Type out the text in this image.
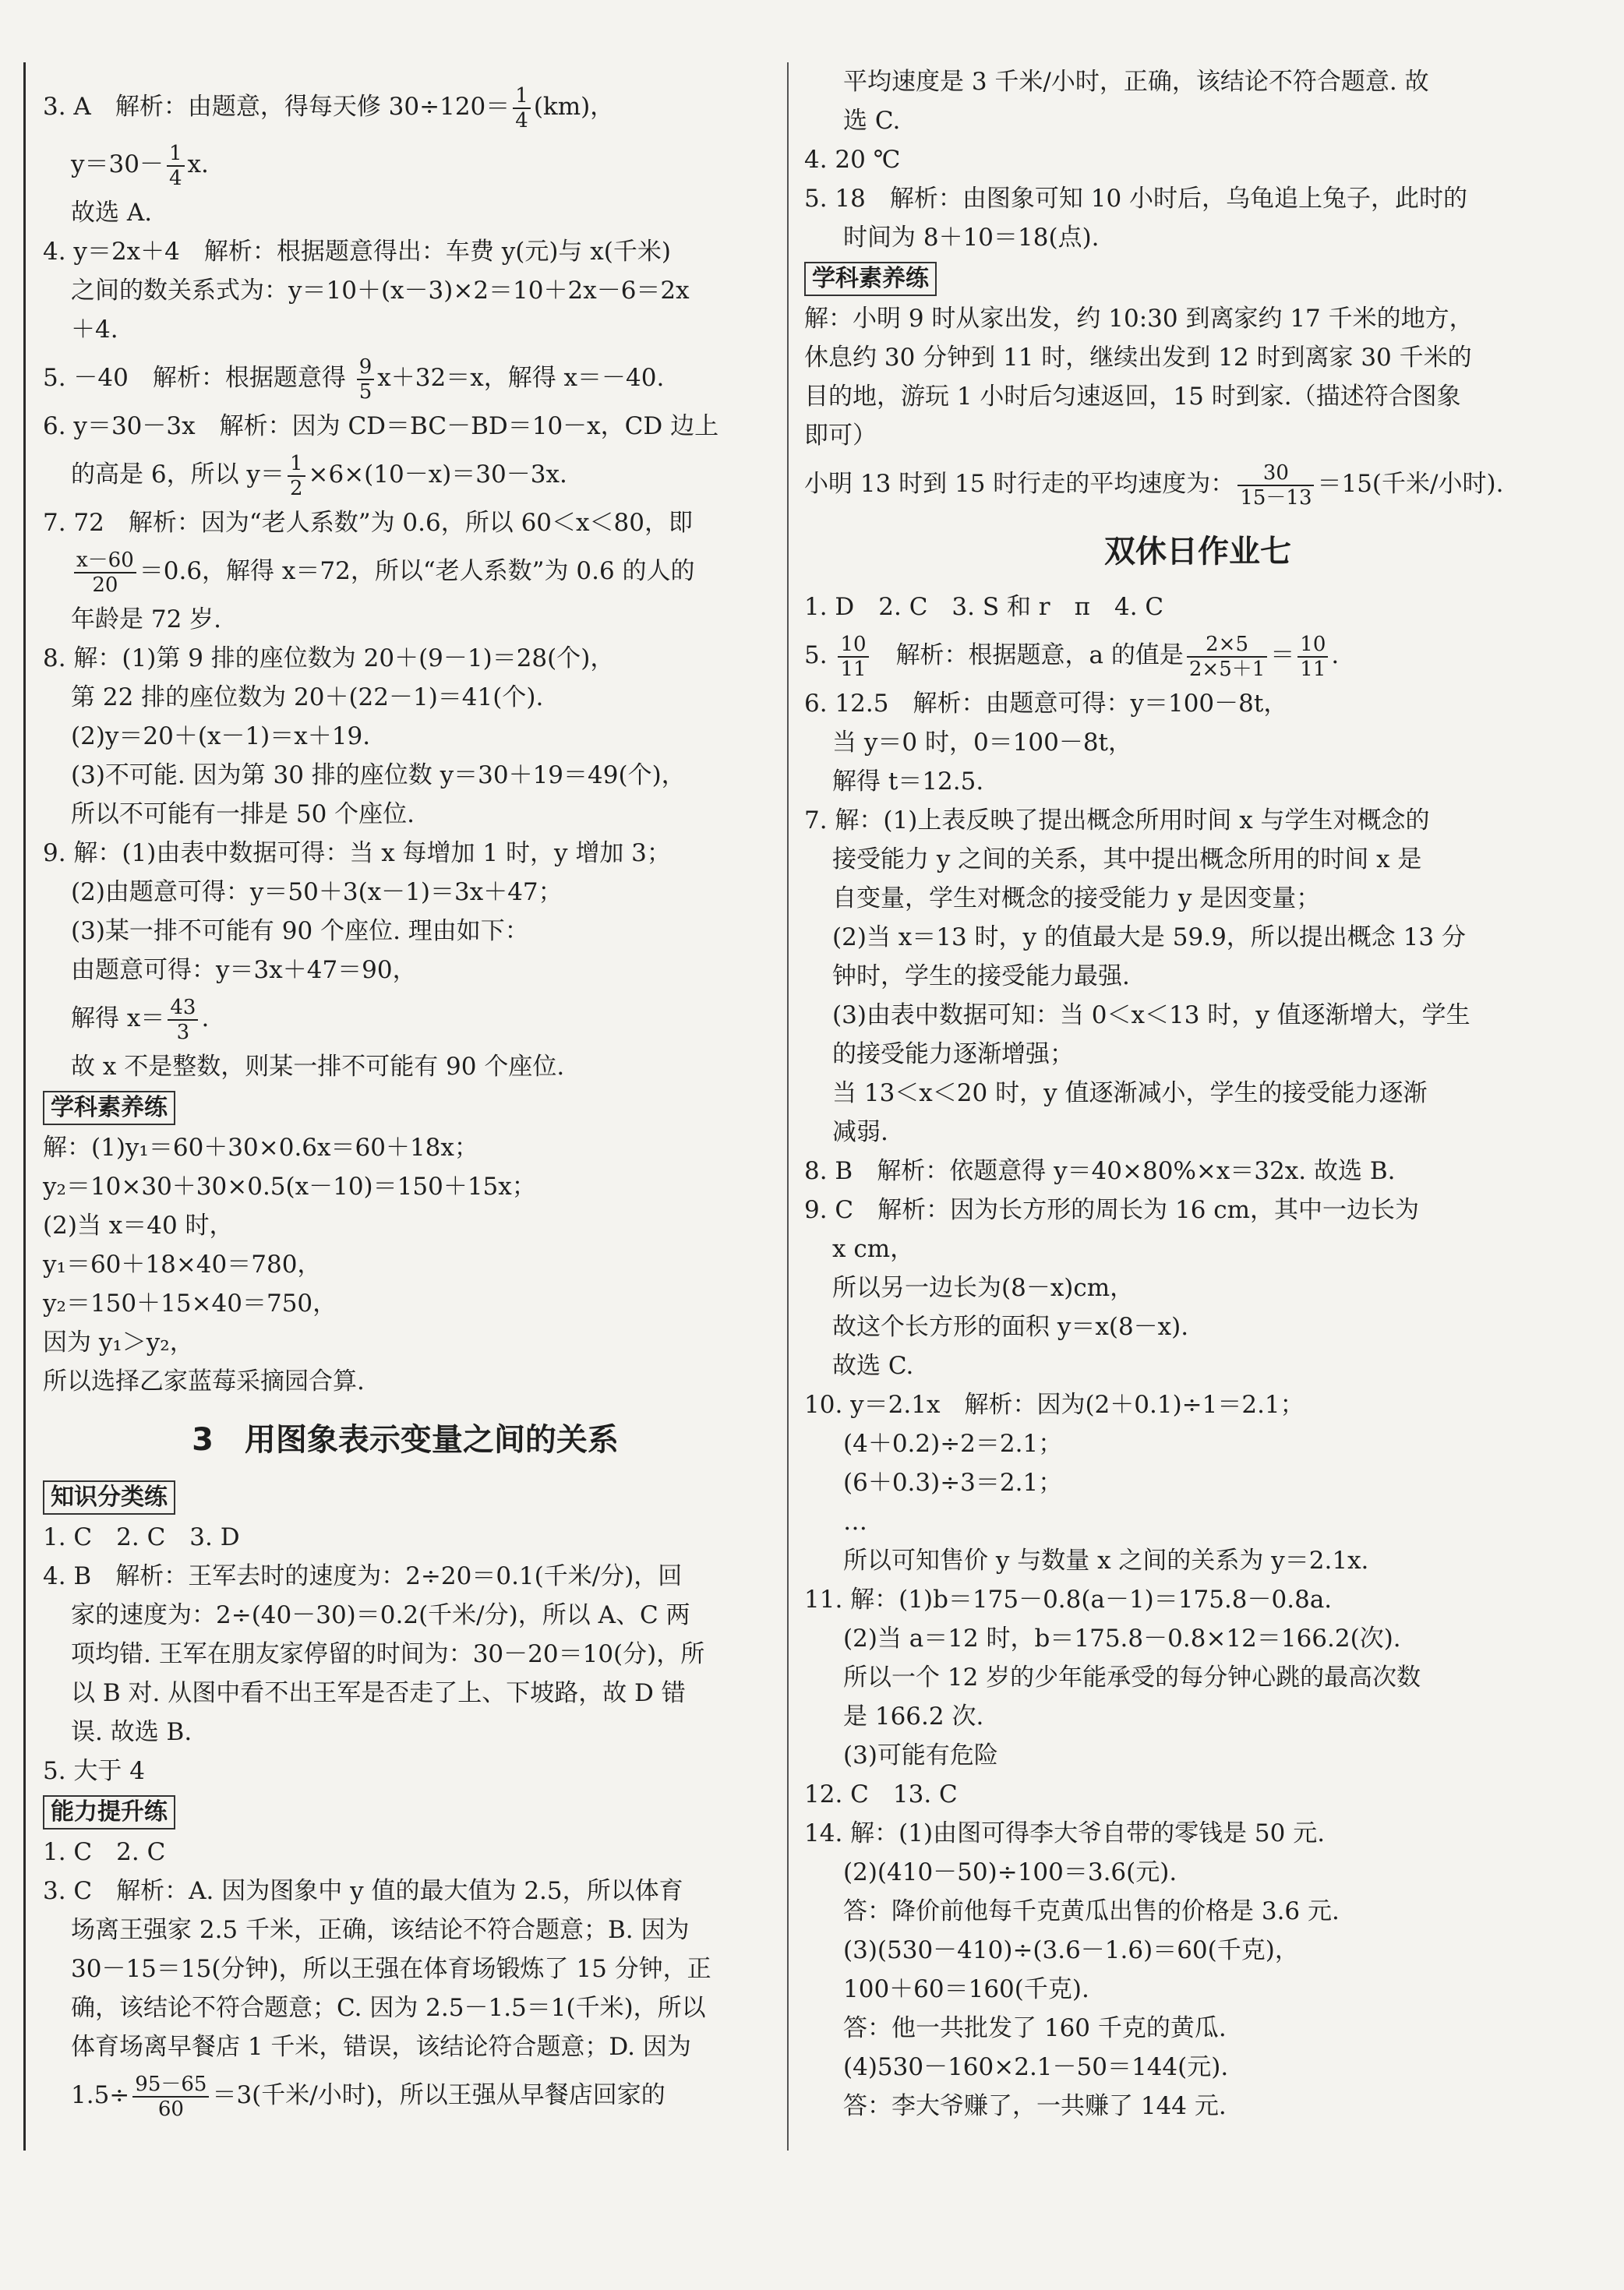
3. A　解析：由题意，得每天修 $30\div 120= \frac{1}{4} (km)$，
$y=30- \frac{1}{4} x$.
故选 A.
4. y＝2x＋4　解析：根据题意得出：车费 y(元)与 x(千米)
之间的数关系式为：y＝10＋(x－3)×2＝10＋2x－6＝2x
＋4.
5. －40　解析：根据题意得 $\frac{9}{5} x+32=x$，解得 x＝－40.
6. y＝30－3x　解析：因为 CD＝BC－BD＝10－x，CD 边上
的高是 6，所以 $y= \frac{1}{2} \times 6\times(10-x)=30-3x$.
7. 72　解析：因为“老人系数”为 0.6，所以 60＜x＜80，即
$\frac{x-60}{20} =0.6$，解得 x＝72，所以“老人系数”为 0.6 的人的
年龄是 72 岁.
8. 解：(1)第 9 排的座位数为 20＋(9－1)＝28(个)，
第 22 排的座位数为 20＋(22－1)＝41(个).
(2)y＝20＋(x－1)＝x＋19.
(3)不可能. 因为第 30 排的座位数 y＝30＋19＝49(个)，
所以不可能有一排是 50 个座位.
9. 解：(1)由表中数据可得：当 x 每增加 1 时，y 增加 3；
(2)由题意可得：y＝50＋3(x－1)＝3x＋47；
(3)某一排不可能有 90 个座位. 理由如下：
由题意可得：y＝3x＋47＝90，
解得 $x= \frac{43}{3}$ .
故 x 不是整数，则某一排不可能有 90 个座位.
学科素养练
解：(1)y₁＝60＋30×0.6x＝60＋18x；
y₂＝10×30＋30×0.5(x－10)＝150＋15x；
(2)当 x＝40 时，
y₁＝60＋18×40＝780，
y₂＝150＋15×40＝750，
因为 y₁＞y₂，
所以选择乙家蓝莓采摘园合算.
3　用图象表示变量之间的关系
知识分类练
1. C　2. C　3. D
4. B　解析：王军去时的速度为：2÷20＝0.1(千米/分)，回
家的速度为：2÷(40－30)＝0.2(千米/分)，所以 A、C 两
项均错. 王军在朋友家停留的时间为：30－20＝10(分)，所
以 B 对. 从图中看不出王军是否走了上、下坡路，故 D 错
误. 故选 B.
5. 大于 4
能力提升练
1. C　2. C
3. C　解析：A. 因为图象中 y 值的最大值为 2.5，所以体育
场离王强家 2.5 千米，正确，该结论不符合题意；B. 因为
30－15＝15(分钟)，所以王强在体育场锻炼了 15 分钟，正
确，该结论不符合题意；C. 因为 2.5－1.5＝1(千米)，所以
体育场离早餐店 1 千米，错误，该结论符合题意；D. 因为
$1.5\div \frac{95-65}{60} =3$(千米/小时)，所以王强从早餐店回家的
平均速度是 3 千米/小时，正确，该结论不符合题意. 故
选 C.
4. 20 ℃
5. 18　解析：由图象可知 10 小时后，乌龟追上兔子，此时的
时间为 8＋10＝18(点).
学科素养练
解：小明 9 时从家出发，约 10:30 到离家约 17 千米的地方，
休息约 30 分钟到 11 时，继续出发到 12 时到离家 30 千米的
目的地，游玩 1 小时后匀速返回，15 时到家.（描述符合图象
即可）
小明 13 时到 15 时行走的平均速度为： $\frac{30}{15-13} =15$(千米/小时).
双休日作业七
1. D　2. C　3. S 和 r　π　4. C
5. $\frac{10}{11}$ 　解析：根据题意，a 的值是 $\frac{2\times 5}{2\times 5+1} = \frac{10}{11}$ .
6. 12.5　解析：由题意可得：y＝100－8t，
当 y＝0 时，0＝100－8t，
解得 t＝12.5.
7. 解：(1)上表反映了提出概念所用时间 x 与学生对概念的
接受能力 y 之间的关系，其中提出概念所用的时间 x 是
自变量，学生对概念的接受能力 y 是因变量；
(2)当 x＝13 时，y 的值最大是 59.9，所以提出概念 13 分
钟时，学生的接受能力最强.
(3)由表中数据可知：当 0＜x＜13 时，y 值逐渐增大，学生
的接受能力逐渐增强；
当 13＜x＜20 时，y 值逐渐减小，学生的接受能力逐渐
减弱.
8. B　解析：依题意得 y＝40×80%×x＝32x. 故选 B.
9. C　解析：因为长方形的周长为 16 cm，其中一边长为
x cm，
所以另一边长为(8－x)cm，
故这个长方形的面积 y＝x(8－x).
故选 C.
10. y＝2.1x　解析：因为(2＋0.1)÷1＝2.1；
(4＋0.2)÷2＝2.1；
(6＋0.3)÷3＝2.1；
…
所以可知售价 y 与数量 x 之间的关系为 y＝2.1x.
11. 解：(1)b＝175－0.8(a－1)＝175.8－0.8a.
(2)当 a＝12 时，b＝175.8－0.8×12＝166.2(次).
所以一个 12 岁的少年能承受的每分钟心跳的最高次数
是 166.2 次.
(3)可能有危险
12. C　13. C
14. 解：(1)由图可得李大爷自带的零钱是 50 元.
(2)(410－50)÷100＝3.6(元).
答：降价前他每千克黄瓜出售的价格是 3.6 元.
(3)(530－410)÷(3.6－1.6)＝60(千克)，
100＋60＝160(千克).
答：他一共批发了 160 千克的黄瓜.
(4)530－160×2.1－50＝144(元).
答：李大爷赚了，一共赚了 144 元.
